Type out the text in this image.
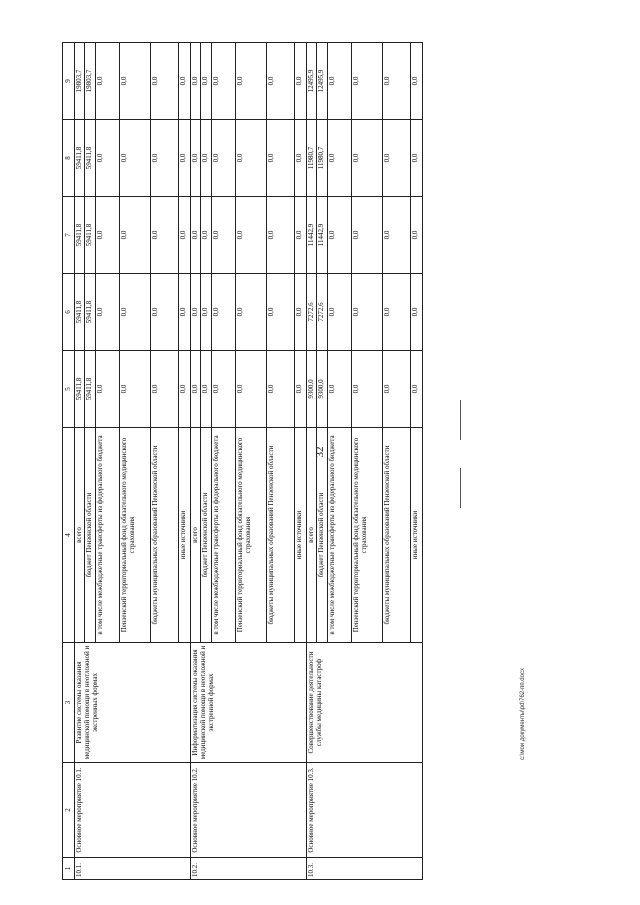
32
1	2	3	4	5	6	7	8	9
10.1.	Основное мероприятие 10.1.	Развитие системы оказания медицинской помощи в неотложной и экстренных формах	всего	59411,8	59411,8	59411,8	59411,8	19803,7
			бюджет Пензенской области	59411,8	59411,8	59411,8	59411,8	19803,7
			в том числе межбюджетные трансферты из федерального бюджета	0,0	0,0	0,0	0,0	0,0
			Пензенский территориальный фонд обязательного медицинского страхования	0,0	0,0	0,0	0,0	0,0
			бюджеты муниципальных образований Пензенской области	0,0	0,0	0,0	0,0	0,0
			иные источники	0,0	0,0	0,0	0,0	0,0
10.2.	Основное мероприятие 10.2.	Информатизация системы оказания медицинской помощи в неотложной и экстренной формах	всего	0,0	0,0	0,0	0,0	0,0
			бюджет Пензенской области	0,0	0,0	0,0	0,0	0,0
			в том числе межбюджетные трансферты из федерального бюджета	0,0	0,0	0,0	0,0	0,0
			Пензенский территориальный фонд обязательного медицинского страхования	0,0	0,0	0,0	0,0	0,0
			бюджеты муниципальных образований Пензенской области	0,0	0,0	0,0	0,0	0,0
			иные источники	0,0	0,0	0,0	0,0	0,0
10.3.	Основное мероприятие 10.3.	Совершенствование деятельности службы медицины катастроф	всего	9300,0	7272,6	11442,9	11980,7	12495,9
			бюджет Пензенской области	9300,0	7272,6	11442,9	11980,7	12495,9
			в том числе межбюджетные трансферты из федерального бюджета	0,0	0,0	0,0	0,0	0,0
			Пензенский территориальный фонд обязательного медицинского страхования	0,0	0,0	0,0	0,0	0,0
			бюджеты муниципальных образований Пензенской области	0,0	0,0	0,0	0,0	0,0
			иные источники	0,0	0,0	0,0	0,0	0,0
c:\мои документы\pd\762-пп.docx
